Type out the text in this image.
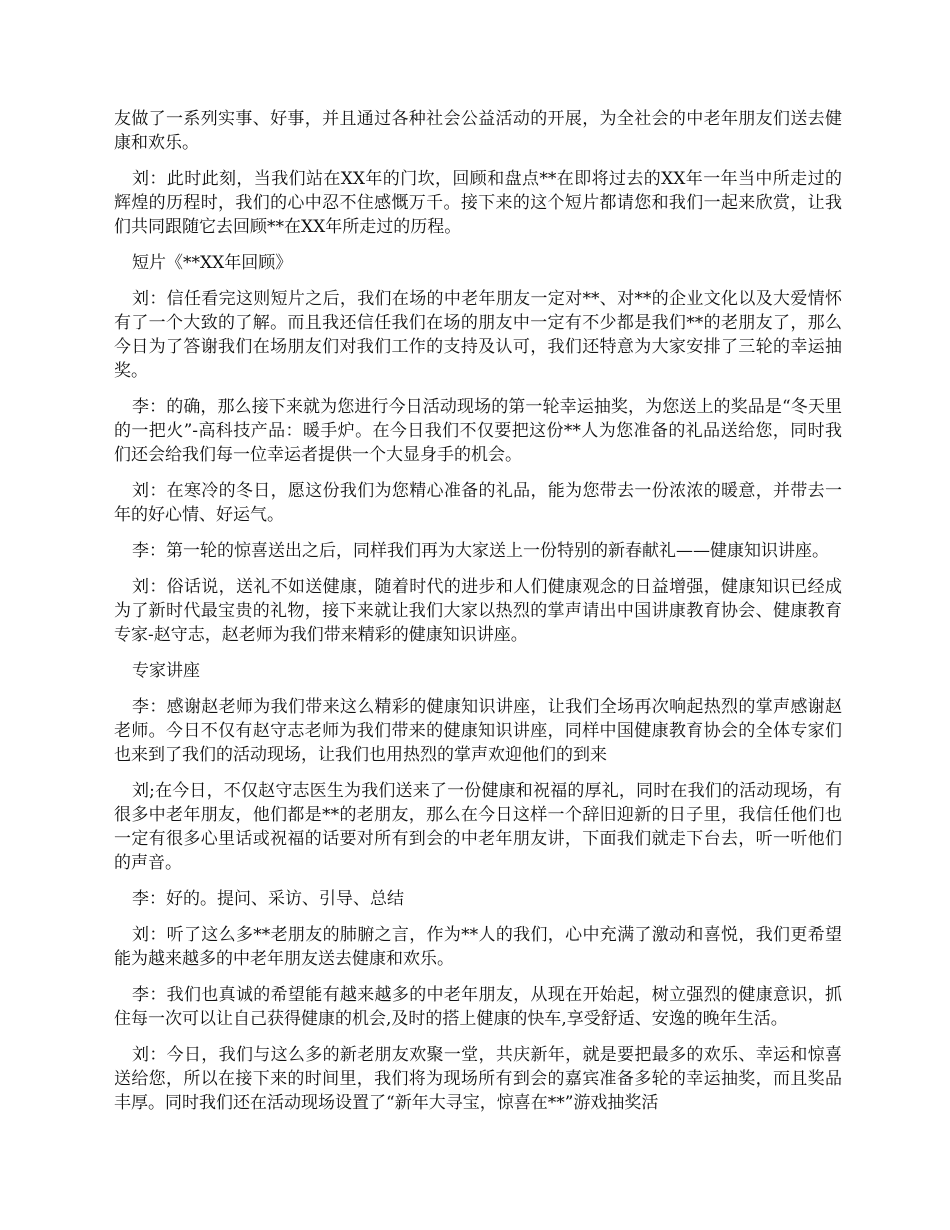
友做了一系列实事、好事，并且通过各种社会公益活动的开展，为全社会的中老年朋友们送去健康和欢乐。

刘：此时此刻，当我们站在XX年的门坎，回顾和盘点**在即将过去的XX年一年当中所走过的辉煌的历程时，我们的心中忍不住感慨万千。接下来的这个短片都请您和我们一起来欣赏，让我们共同跟随它去回顾**在XX年所走过的历程。

短片《**XX年回顾》

刘：信任看完这则短片之后，我们在场的中老年朋友一定对**、对**的企业文化以及大爱情怀有了一个大致的了解。而且我还信任我们在场的朋友中一定有不少都是我们**的老朋友了，那么今日为了答谢我们在场朋友们对我们工作的支持及认可，我们还特意为大家安排了三轮的幸运抽奖。

李：的确，那么接下来就为您进行今日活动现场的第一轮幸运抽奖，为您送上的奖品是“冬天里的一把火”-高科技产品：暖手炉。在今日我们不仅要把这份**人为您准备的礼品送给您，同时我们还会给我们每一位幸运者提供一个大显身手的机会。

刘：在寒冷的冬日，愿这份我们为您精心准备的礼品，能为您带去一份浓浓的暖意，并带去一年的好心情、好运气。

李：第一轮的惊喜送出之后，同样我们再为大家送上一份特别的新春献礼——健康知识讲座。

刘：俗话说，送礼不如送健康，随着时代的进步和人们健康观念的日益增强，健康知识已经成为了新时代最宝贵的礼物，接下来就让我们大家以热烈的掌声请出中国讲康教育协会、健康教育专家-赵守志，赵老师为我们带来精彩的健康知识讲座。

专家讲座

李：感谢赵老师为我们带来这么精彩的健康知识讲座，让我们全场再次响起热烈的掌声感谢赵老师。今日不仅有赵守志老师为我们带来的健康知识讲座，同样中国健康教育协会的全体专家们也来到了我们的活动现场，让我们也用热烈的掌声欢迎他们的到来

刘;在今日，不仅赵守志医生为我们送来了一份健康和祝福的厚礼，同时在我们的活动现场，有很多中老年朋友，他们都是**的老朋友，那么在今日这样一个辞旧迎新的日子里，我信任他们也一定有很多心里话或祝福的话要对所有到会的中老年朋友讲，下面我们就走下台去，听一听他们的声音。

李：好的。提问、采访、引导、总结

刘：听了这么多**老朋友的肺腑之言，作为**人的我们，心中充满了激动和喜悦，我们更希望能为越来越多的中老年朋友送去健康和欢乐。

李：我们也真诚的希望能有越来越多的中老年朋友，从现在开始起，树立强烈的健康意识，抓住每一次可以让自己获得健康的机会,及时的搭上健康的快车,享受舒适、安逸的晚年生活。

刘：今日，我们与这么多的新老朋友欢聚一堂，共庆新年，就是要把最多的欢乐、幸运和惊喜送给您，所以在接下来的时间里，我们将为现场所有到会的嘉宾准备多轮的幸运抽奖，而且奖品丰厚。同时我们还在活动现场设置了“新年大寻宝，惊喜在**”游戏抽奖活
